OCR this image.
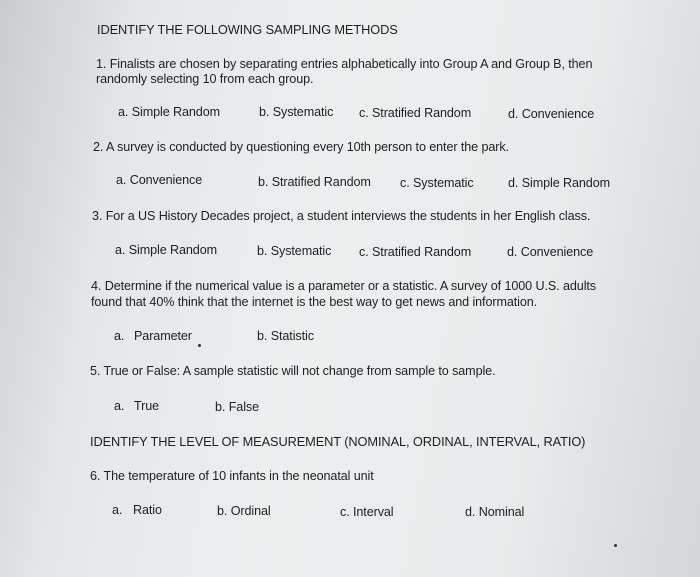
IDENTIFY THE FOLLOWING SAMPLING METHODS
1. Finalists are chosen by separating entries alphabetically into Group A and Group B, then
randomly selecting 10 from each group.
a. Simple Random	b. Systematic c. Stratified Random	d. Convenience
2. A survey is conducted by questioning every 10th person to enter the park.
a. Convenience	b. Stratified Random c. Systematic	d. Simple Random
3. For a US History Decades project, a student interviews the students in her English class.
a. Simple Random	b. Systematic c. Stratified Random	d. Convenience
4. Determine if the numerical value is a parameter or a statistic. A survey of 1000 U.S. adults
found that 40% think that the internet is the best way to get news and information.
a. Parameter	b. Statistic
5. True or False: A sample statistic will not change from sample to sample.
a. True	b. False
IDENTIFY THE LEVEL OF MEASUREMENT (NOMINAL, ORDINAL, INTERVAL, RATIO)
6. The temperature of 10 infants in the neonatal unit
a. Ratio	b. Ordinal	c. Interval	d. Nominal
